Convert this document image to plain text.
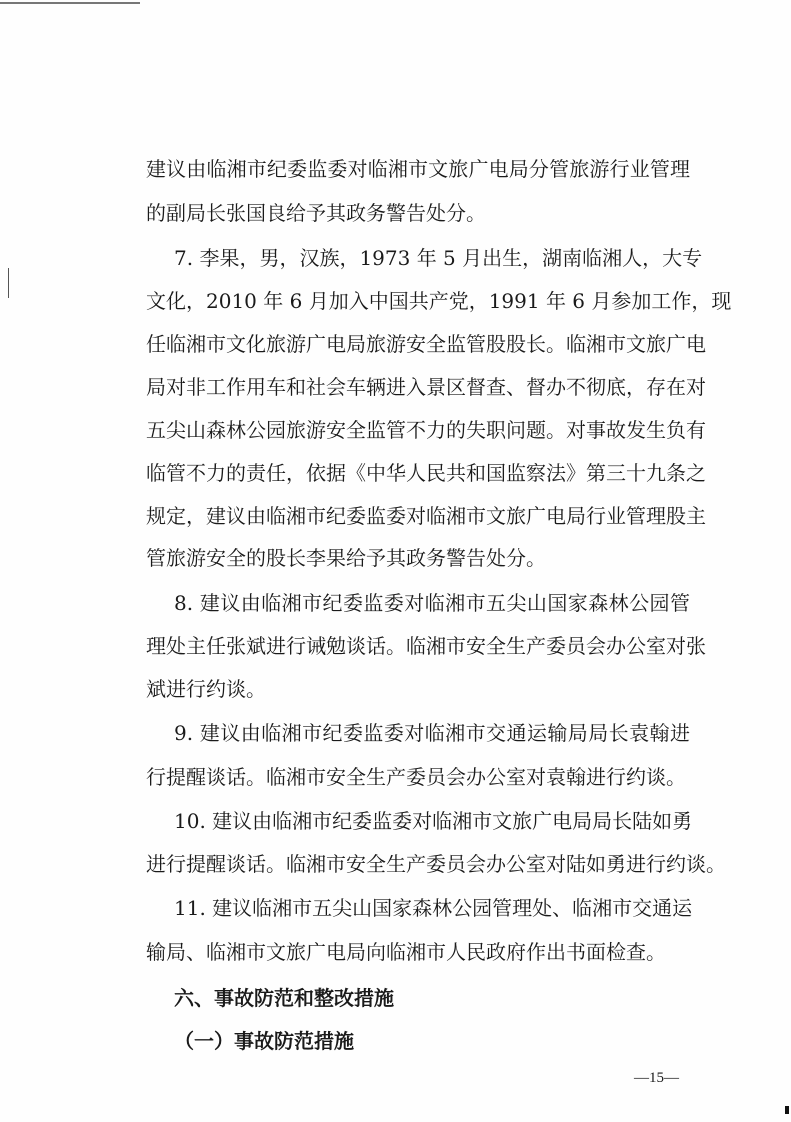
建议由临湘市纪委监委对临湘市文旅广电局分管旅游行业管理
的副局长张国良给予其政务警告处分。
7. 李果，男，汉族，1973 年 5 月出生，湖南临湘人，大专
文化，2010 年 6 月加入中国共产党，1991 年 6 月参加工作，现
任临湘市文化旅游广电局旅游安全监管股股长。临湘市文旅广电
局对非工作用车和社会车辆进入景区督查、督办不彻底，存在对
五尖山森林公园旅游安全监管不力的失职问题。对事故发生负有
临管不力的责任，依据《中华人民共和国监察法》第三十九条之
规定，建议由临湘市纪委监委对临湘市文旅广电局行业管理股主
管旅游安全的股长李果给予其政务警告处分。
8. 建议由临湘市纪委监委对临湘市五尖山国家森林公园管
理处主任张斌进行诫勉谈话。临湘市安全生产委员会办公室对张
斌进行约谈。
9. 建议由临湘市纪委监委对临湘市交通运输局局长袁翰进
行提醒谈话。临湘市安全生产委员会办公室对袁翰进行约谈。
10. 建议由临湘市纪委监委对临湘市文旅广电局局长陆如勇
进行提醒谈话。临湘市安全生产委员会办公室对陆如勇进行约谈。
11. 建议临湘市五尖山国家森林公园管理处、临湘市交通运
输局、临湘市文旅广电局向临湘市人民政府作出书面检查。
六、事故防范和整改措施
（一）事故防范措施
—15—
